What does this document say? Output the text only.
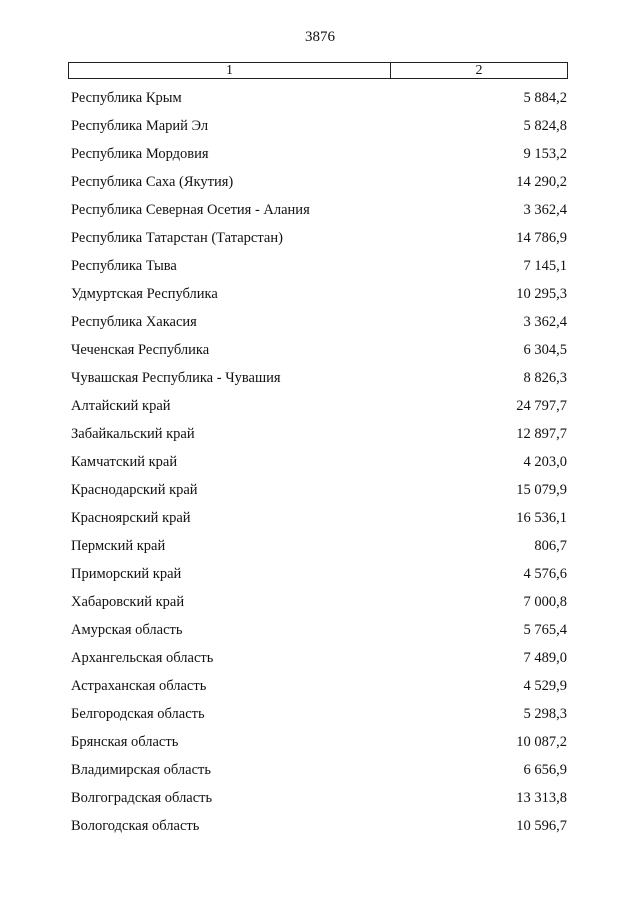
3876
1	2
Республика Крым	5 884,2
Республика Марий Эл	5 824,8
Республика Мордовия	9 153,2
Республика Саха (Якутия)	14 290,2
Республика Северная Осетия - Алания	3 362,4
Республика Татарстан (Татарстан)	14 786,9
Республика Тыва	7 145,1
Удмуртская Республика	10 295,3
Республика Хакасия	3 362,4
Чеченская Республика	6 304,5
Чувашская Республика - Чувашия	8 826,3
Алтайский край	24 797,7
Забайкальский край	12 897,7
Камчатский край	4 203,0
Краснодарский край	15 079,9
Красноярский край	16 536,1
Пермский край	806,7
Приморский край	4 576,6
Хабаровский край	7 000,8
Амурская область	5 765,4
Архангельская область	7 489,0
Астраханская область	4 529,9
Белгородская область	5 298,3
Брянская область	10 087,2
Владимирская область	6 656,9
Волгоградская область	13 313,8
Вологодская область	10 596,7
